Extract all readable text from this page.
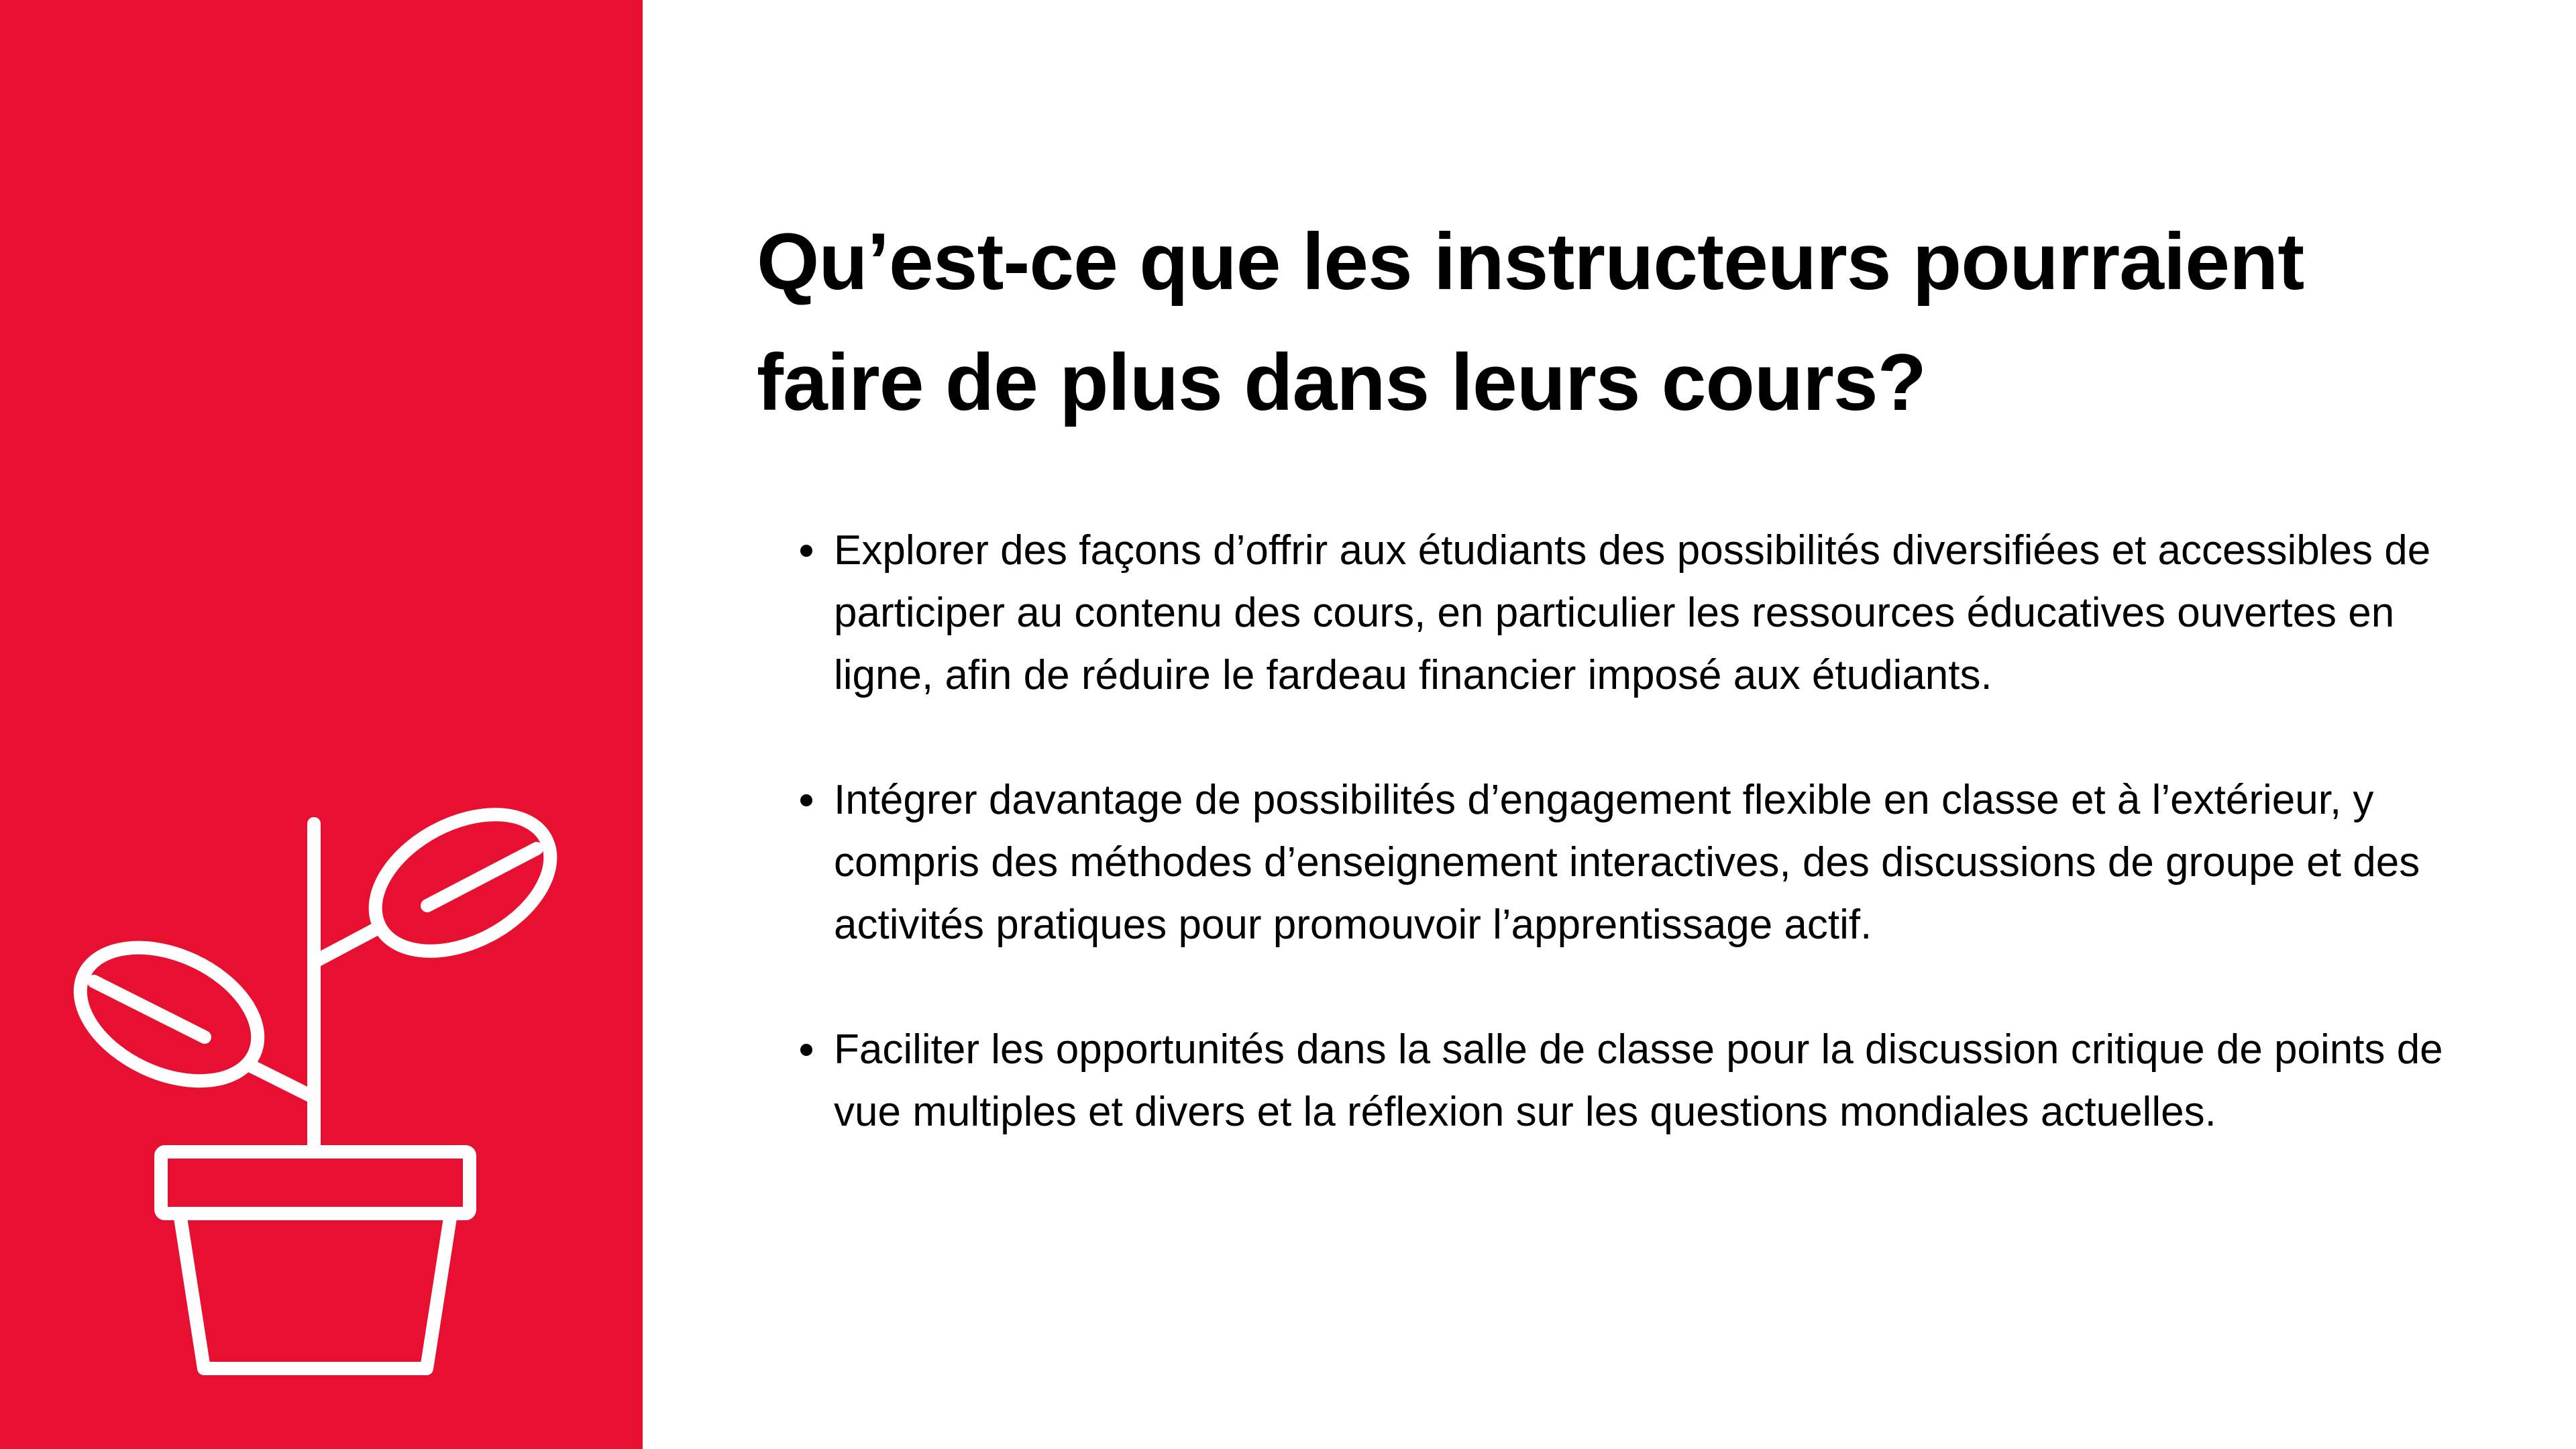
Qu’est-ce que les instructeurs pourraient
faire de plus dans leurs cours?
Explorer des façons d’offrir aux étudiants des possibilités diversifiées et accessibles de participer au contenu des cours, en particulier les ressources éducatives ouvertes en ligne, afin de réduire le fardeau financier imposé aux étudiants.
Intégrer davantage de possibilités d’engagement flexible en classe et à l’extérieur, y compris des méthodes d’enseignement interactives, des discussions de groupe et des activités pratiques pour promouvoir l’apprentissage actif.
Faciliter les opportunités dans la salle de classe pour la discussion critique de points de vue multiples et divers et la réflexion sur les questions mondiales actuelles.
